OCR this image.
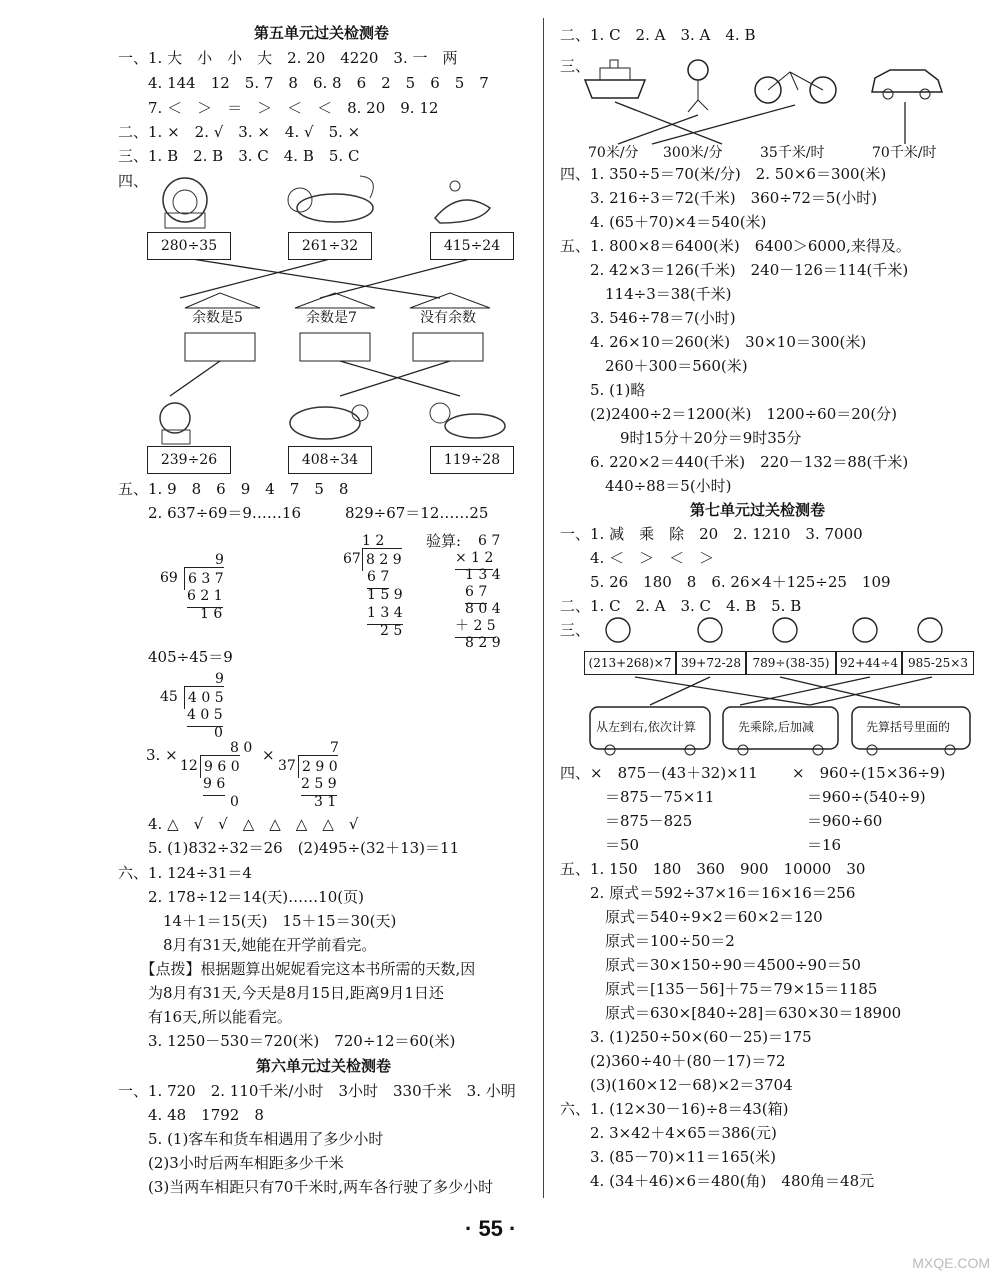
第五单元过关检测卷
一、1. 大　小　小　大　2. 20　4220　3. 一　两
　　4. 144　12　5. 7　8　6. 8　6　2　5　6　5　7
　　7. ＜　＞　＝　＞　＜　＜　8. 20　9. 12
二、1. ×　2. √　3. ×　4. √　5. ×
三、1. B　2. B　3. C　4. B　5. C
四、
280÷35	261÷32	415÷24
余数是5	余数是7	没有余数
239÷26	408÷34	119÷28
五、1. 9　8　6　9　4　7　5　8
　　2. 637÷69＝9……16	829÷67＝12……25
9
69 6 3 7
6 2 1
1 6
1 2
67 8 2 9
6 7
1 5 9
1 3 4
2 5
验算: 6 7
× 1 2
1 3 4
6 7
8 0 4
＋ 2 5
8 2 9
　　405÷45＝9
9
45 4 0 5
4 0 5
0
3. ×	8 0
12 9 6 0
9 6
0
×	7
37 2 9 0
2 5 9
3 1
　　4. △　√　√　△　△　△　△　√
　　5. (1)832÷32＝26　(2)495÷(32＋13)＝11
六、1. 124÷31＝4
　　2. 178÷12＝14(天)……10(页)
　　　14＋1＝15(天)　15＋15＝30(天)
　　　8月有31天,她能在开学前看完。
　　【点拨】根据题算出妮妮看完这本书所需的天数,因
　　为8月有31天,今天是8月15日,距离9月1日还
　　有16天,所以能看完。
　　3. 1250－530＝720(米)　720÷12＝60(米)
第六单元过关检测卷
一、1. 720　2. 110千米/小时　3小时　330千米　3. 小明
　　4. 48　1792　8
　　5. (1)客车和货车相遇用了多少小时
　　(2)3小时后两车相距多少千米
　　(3)当两车相距只有70千米时,两车各行驶了多少小时
二、1. C　2. A　3. A　4. B
三、
70米/分 300米/分	35千米/时	70千米/时
四、1. 350÷5＝70(米/分)　2. 50×6＝300(米)
　　3. 216÷3＝72(千米)　360÷72＝5(小时)
　　4. (65＋70)×4＝540(米)
五、1. 800×8＝6400(米)　6400＞6000,来得及。
　　2. 42×3＝126(千米)　240－126＝114(千米)
　　　114÷3＝38(千米)
　　3. 546÷78＝7(小时)
　　4. 26×10＝260(米)　30×10＝300(米)
　　　260＋300＝560(米)
　　5. (1)略
　　(2)2400÷2＝1200(米)　1200÷60＝20(分)
　　　　9时15分＋20分＝9时35分
　　6. 220×2＝440(千米)　220－132＝88(千米)
　　　440÷88＝5(小时)
第七单元过关检测卷
一、1. 减　乘　除　20　2. 1210　3. 7000
　　4. ＜　＞　＜　＞
　　5. 26　180　8　6. 26×4＋125÷25　109
二、1. C　2. A　3. C　4. B　5. B
三、
(213+268)×7 39+72-28 789÷(38-35) 92+44÷4 985-25×3
从左到右,依次计算	先乘除,后加减	先算括号里面的
四、×　875－(43＋32)×11
　　　＝875－75×11
　　　＝875－825
　　　＝50
×　960÷(15×36÷9)
　＝960÷(540÷9)
　＝960÷60
　＝16
五、1. 150　180　360　900　10000　30
　　2. 原式＝592÷37×16＝16×16＝256
　　　原式＝540÷9×2＝60×2＝120
　　　原式＝100÷50＝2
　　　原式＝30×150÷90＝4500÷90＝50
　　　原式＝[135－56]＋75＝79×15＝1185
　　　原式＝630×[840÷28]＝630×30＝18900
　　3. (1)250÷50×(60－25)＝175
　　(2)360÷40＋(80－17)＝72
　　(3)(160×12－68)×2＝3704
六、1. (12×30－16)÷8＝43(箱)
　　2. 3×42＋4×65＝386(元)
　　3. (85－70)×11＝165(米)
　　4. (34＋46)×6＝480(角)　480角＝48元
· 55 ·
MXQE.COM
